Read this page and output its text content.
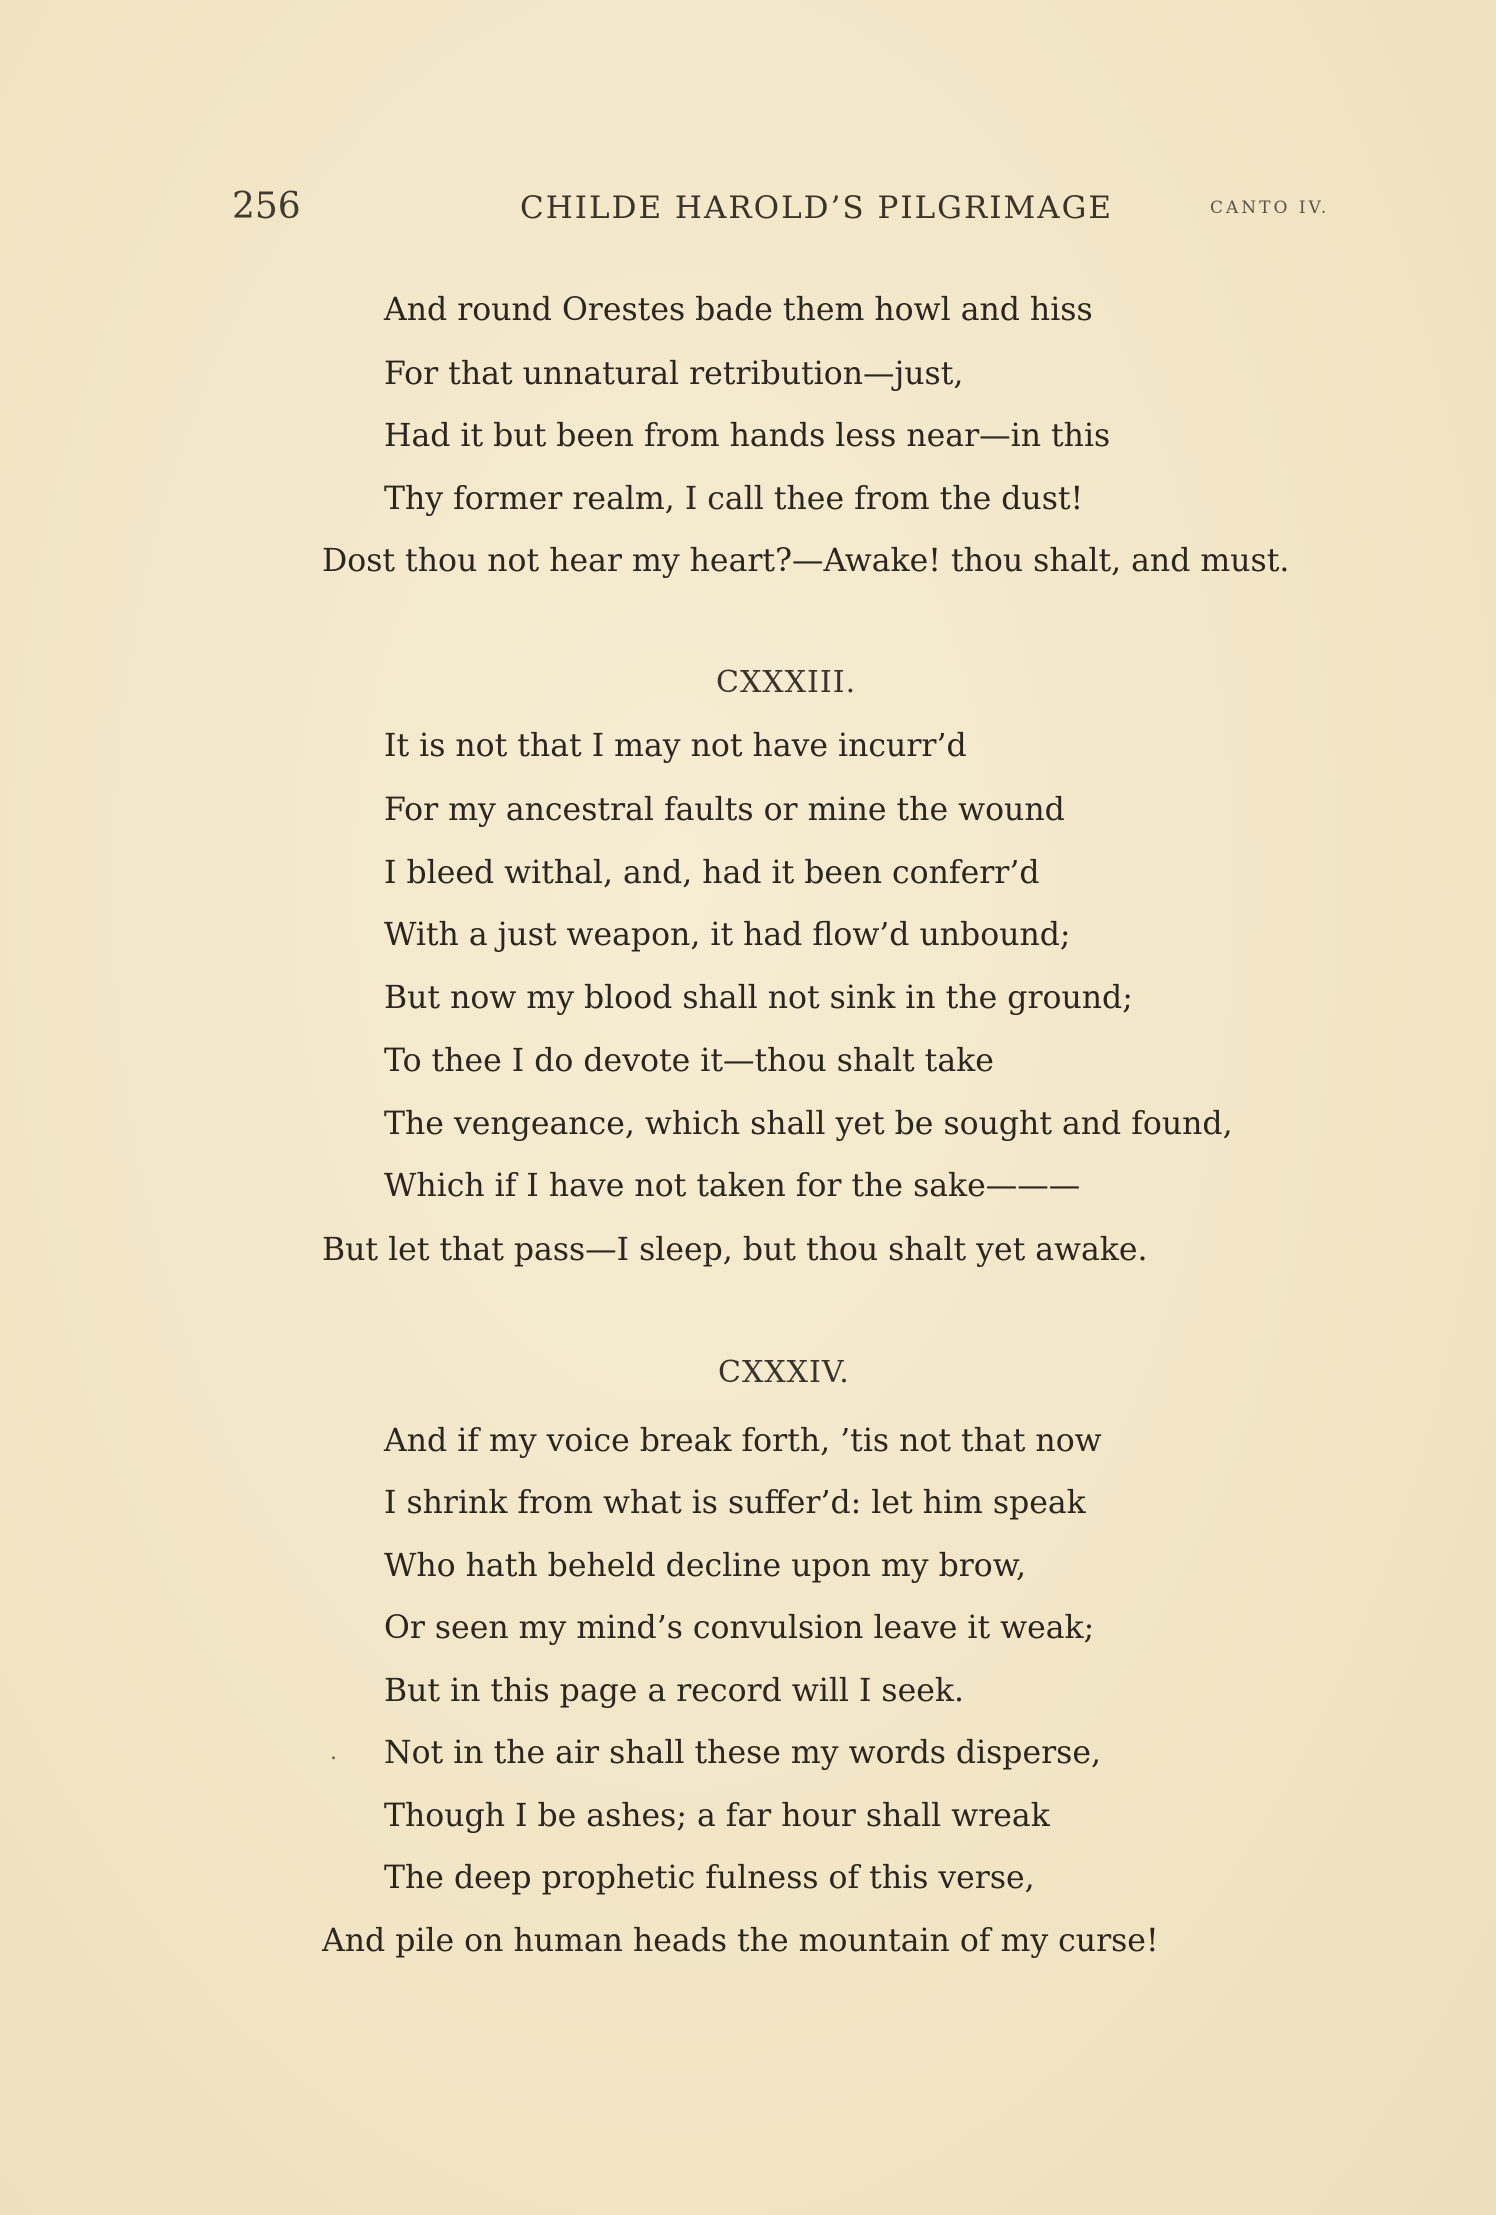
256	CHILDE HAROLD’S PILGRIMAGE	CANTO IV.
And round Orestes bade them howl and hiss
For that unnatural retribution—just,
Had it but been from hands less near—in this
Thy former realm, I call thee from the dust!
Dost thou not hear my heart?—Awake! thou shalt, and must.
CXXXIII.
It is not that I may not have incurr’d
For my ancestral faults or mine the wound
I bleed withal, and, had it been conferr’d
With a just weapon, it had flow’d unbound;
But now my blood shall not sink in the ground;
To thee I do devote it—thou shalt take
The vengeance, which shall yet be sought and found,
Which if I have not taken for the sake———
But let that pass—I sleep, but thou shalt yet awake.
CXXXIV.
And if my voice break forth, ’tis not that now
I shrink from what is suffer’d: let him speak
Who hath beheld decline upon my brow,
Or seen my mind’s convulsion leave it weak;
But in this page a record will I seek.
. Not in the air shall these my words disperse,
Though I be ashes; a far hour shall wreak
The deep prophetic fulness of this verse,
And pile on human heads the mountain of my curse!
